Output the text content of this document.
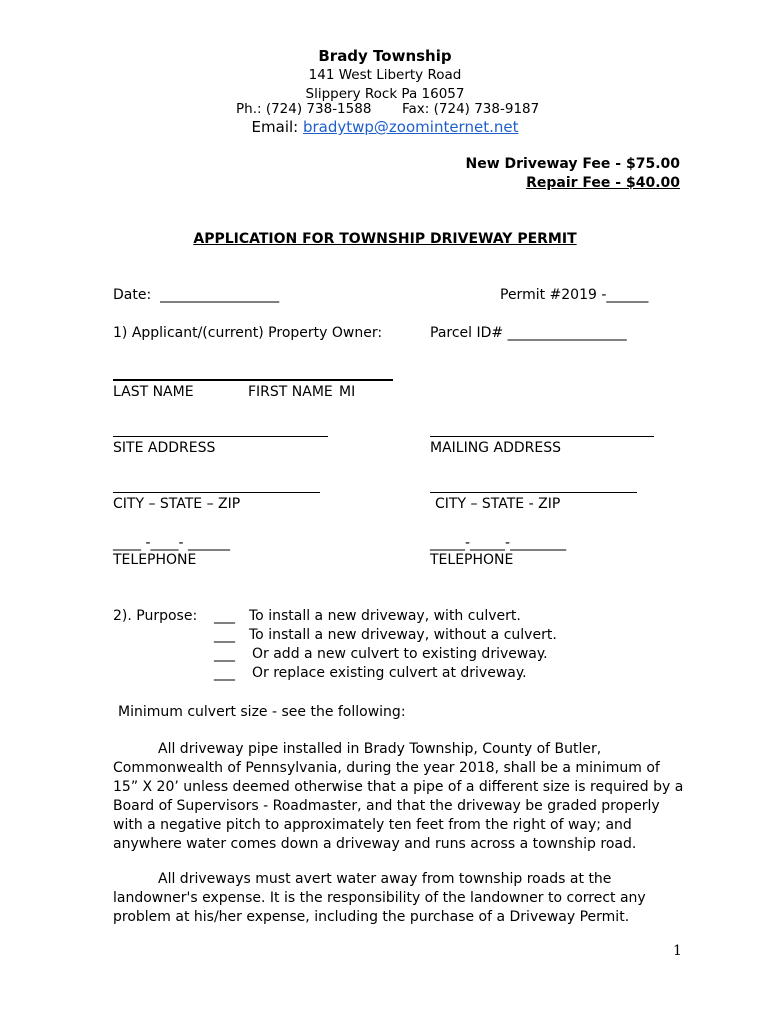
Brady Township
141 West Liberty Road
Slippery Rock Pa 16057
Ph.: (724) 738-1588 Fax: (724) 738-9187
Email: bradytwp@zoominternet.net
New Driveway Fee - $75.00
Repair Fee - $40.00
APPLICATION FOR TOWNSHIP DRIVEWAY PERMIT
Date: _________________	Permit #2019 -______
1) Applicant/(current) Property Owner:	Parcel ID# _________________
LAST NAME	FIRST NAME MI
SITE ADDRESS	MAILING ADDRESS
CITY – STATE – ZIP	CITY – STATE - ZIP
____ -____- ______	_____-_____-________
TELEPHONE	TELEPHONE
2). Purpose: ___ To install a new driveway, with culvert.
___ To install a new driveway, without a culvert.
___ Or add a new culvert to existing driveway.
___ Or replace existing culvert at driveway.
Minimum culvert size - see the following:
All driveway pipe installed in Brady Township, County of Butler, Commonwealth of Pennsylvania, during the year 2018, shall be a minimum of 15” X 20’ unless deemed otherwise that a pipe of a different size is required by a Board of Supervisors - Roadmaster, and that the driveway be graded properly with a negative pitch to approximately ten feet from the right of way; and anywhere water comes down a driveway and runs across a township road.
All driveways must avert water away from township roads at the landowner's expense. It is the responsibility of the landowner to correct any problem at his/her expense, including the purchase of a Driveway Permit.
1
